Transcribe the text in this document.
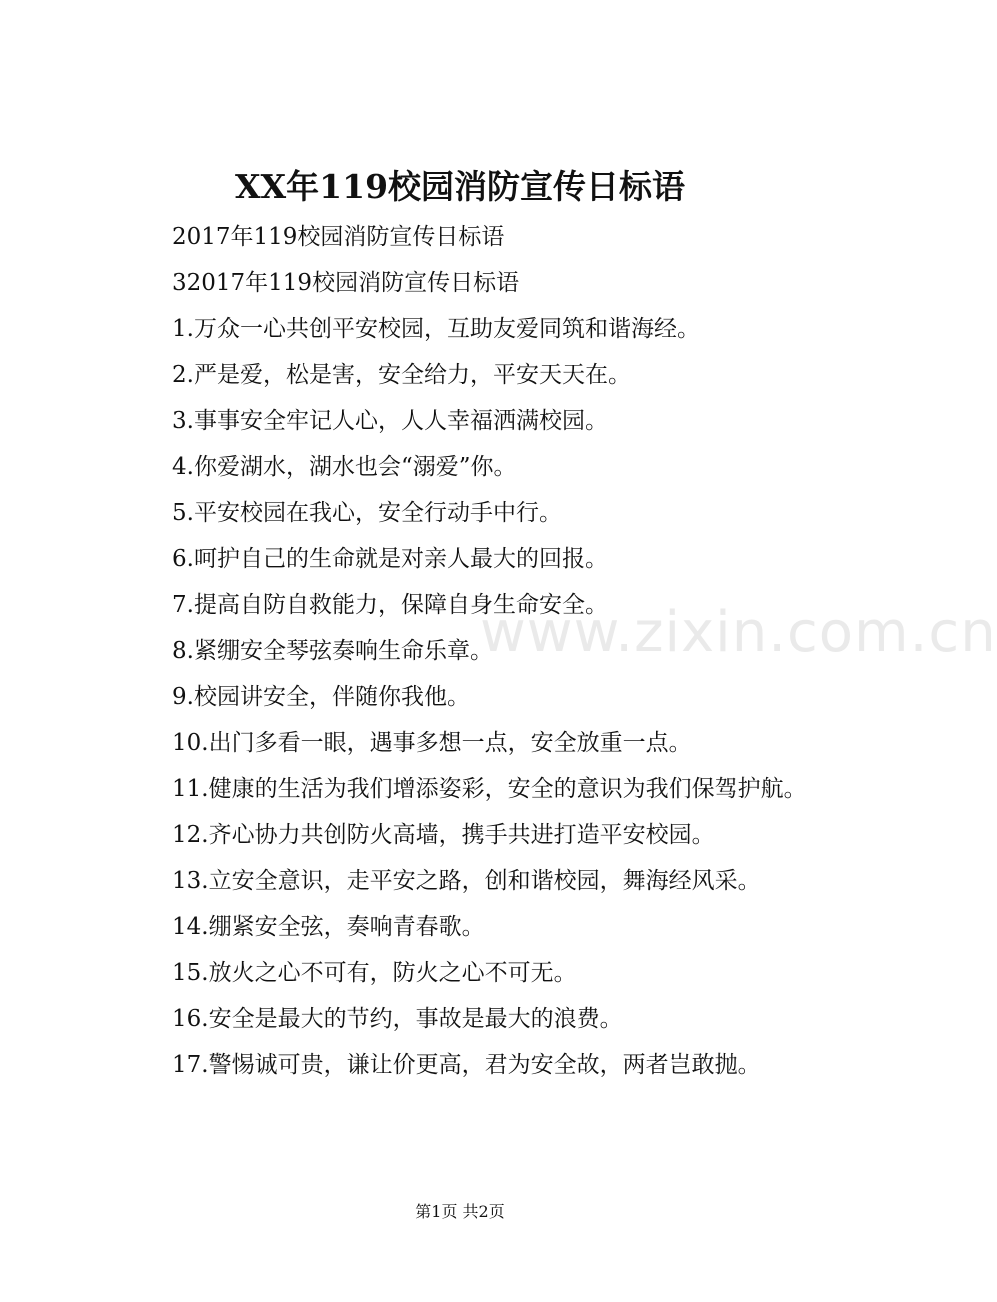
XX年119校园消防宣传日标语

2017年119校园消防宣传日标语

32017年119校园消防宣传日标语

1.万众一心共创平安校园，互助友爱同筑和谐海经。

2.严是爱，松是害，安全给力，平安天天在。

3.事事安全牢记人心，人人幸福洒满校园。

4.你爱湖水，湖水也会“溺爱”你。

5.平安校园在我心，安全行动手中行。

6.呵护自己的生命就是对亲人最大的回报。

7.提高自防自救能力，保障自身生命安全。

8.紧绷安全琴弦奏响生命乐章。

9.校园讲安全，伴随你我他。

10.出门多看一眼，遇事多想一点，安全放重一点。

11.健康的生活为我们增添姿彩，安全的意识为我们保驾护航。

12.齐心协力共创防火高墙，携手共进打造平安校园。

13.立安全意识，走平安之路，创和谐校园，舞海经风采。

14.绷紧安全弦，奏响青春歌。

15.放火之心不可有，防火之心不可无。

16.安全是最大的节约，事故是最大的浪费。

17.警惕诚可贵，谦让价更高，君为安全故，两者岂敢抛。

www.zixin.com.cn
第1页 共2页
